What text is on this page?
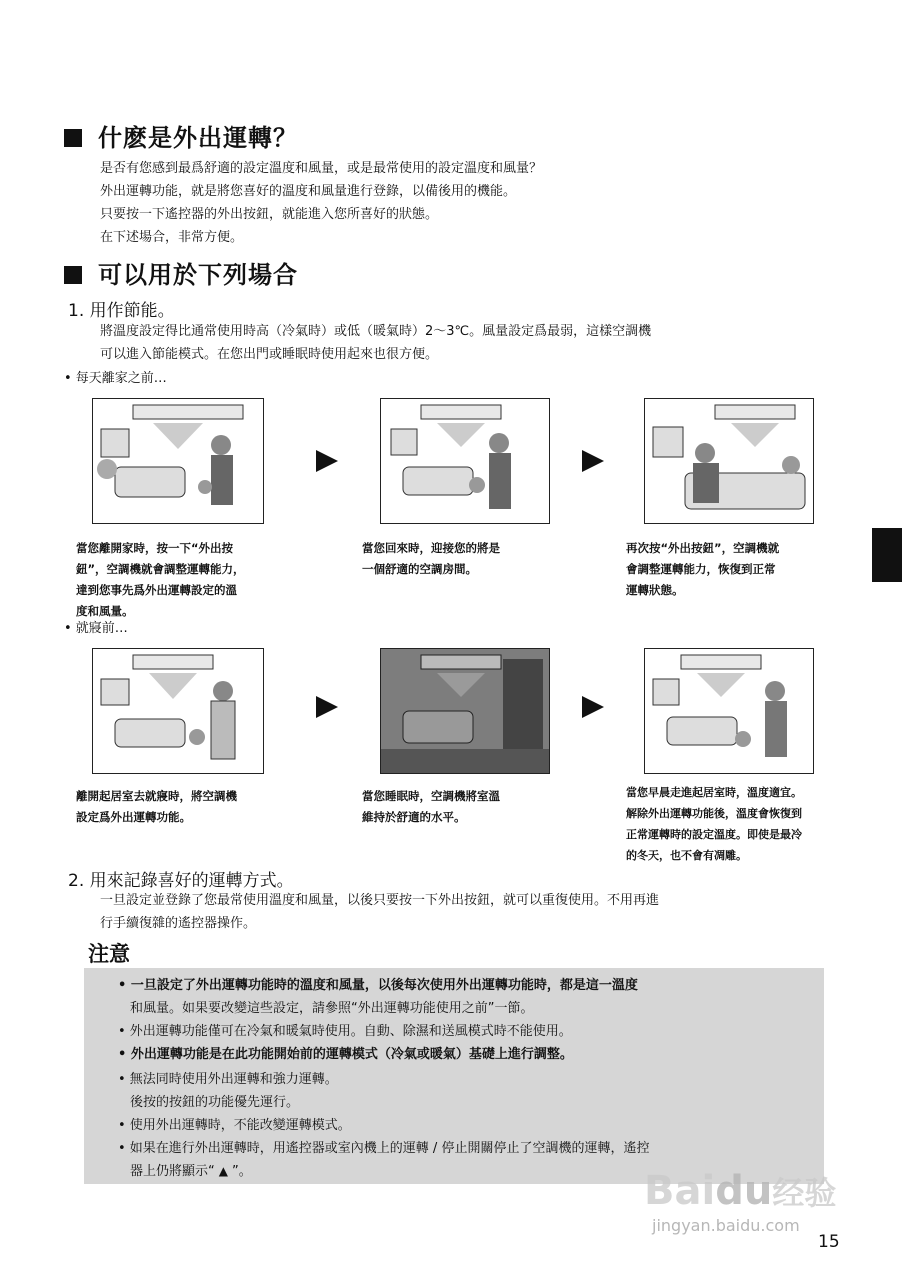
什麽是外出運轉？
是否有您感到最爲舒適的設定溫度和風量，或是最常使用的設定溫度和風量？
外出運轉功能，就是將您喜好的溫度和風量進行登錄，以備後用的機能。
只要按一下遙控器的外出按鈕，就能進入您所喜好的狀態。
在下述場合，非常方便。
可以用於下列場合
1. 用作節能。
將溫度設定得比通常使用時高（冷氣時）或低（暖氣時）2～3℃。風量設定爲最弱，這樣空調機
可以進入節能模式。在您出門或睡眠時使用起來也很方便。
• 每天離家之前…
當您離開家時，按一下“外出按
鈕”，空調機就會調整運轉能力，
達到您事先爲外出運轉設定的溫
度和風量。
當您回來時，迎接您的將是
一個舒適的空調房間。
再次按“外出按鈕”，空調機就
會調整運轉能力，恢復到正常
運轉狀態。
• 就寢前…
離開起居室去就寢時，將空調機
設定爲外出運轉功能。
當您睡眠時，空調機將室溫
維持於舒適的水平。
當您早晨走進起居室時，溫度適宜。
解除外出運轉功能後，溫度會恢復到
正常運轉時的設定溫度。即使是最冷
的冬天，也不會有凋雕。
2. 用來記錄喜好的運轉方式。
一旦設定並登錄了您最常使用溫度和風量，以後只要按一下外出按鈕，就可以重復使用。不用再進
行手續復雜的遙控器操作。
注意
• 一旦設定了外出運轉功能時的溫度和風量，以後每次使用外出運轉功能時，都是這一溫度
和風量。如果要改變這些設定，請參照“外出運轉功能使用之前”一節。
• 外出運轉功能僅可在冷氣和暖氣時使用。自動、除濕和送風模式時不能使用。
• 外出運轉功能是在此功能開始前的運轉模式（冷氣或暖氣）基礎上進行調整。
• 無法同時使用外出運轉和強力運轉。
後按的按鈕的功能優先運行。
• 使用外出運轉時，不能改變運轉模式。
• 如果在進行外出運轉時，用遙控器或室內機上的運轉 / 停止開關停止了空調機的運轉，遙控
器上仍將顯示“ ▲ ”。	Baidu经验
jingyan.baidu.com
15
